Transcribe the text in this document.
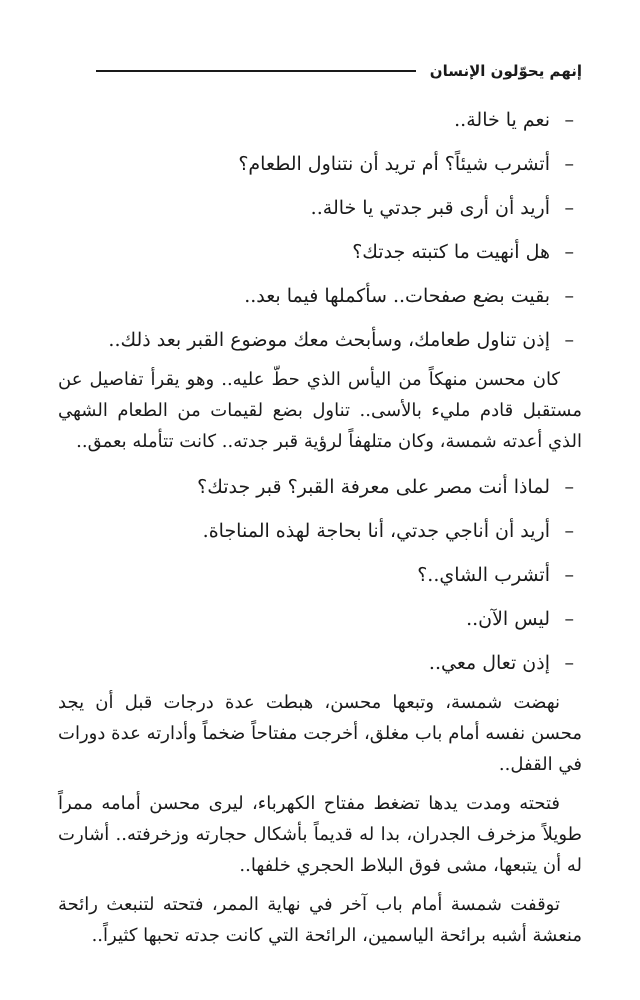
إنهم يحوّلون الإنسان
–
نعم يا خالة..
–
أتشرب شيئاً؟ أم تريد أن نتناول الطعام؟
–
أريد أن أرى قبر جدتي يا خالة..
–
هل أنهيت ما كتبته جدتك؟
–
بقيت بضع صفحات.. سأكملها فيما بعد..
–
إذن تناول طعامك، وسأبحث معك موضوع القبر بعد ذلك..

كان محسن منهكاً من اليأس الذي حطّ عليه.. وهو يقرأ تفاصيل عن مستقبل قادم مليء بالأسى.. تناول بضع لقيمات من الطعام الشهي الذي أعدته شمسة، وكان متلهفاً لرؤية قبر جدته.. كانت تتأمله بعمق..

–
لماذا أنت مصر على معرفة القبر؟ قبر جدتك؟
–
أريد أن أناجي جدتي، أنا بحاجة لهذه المناجاة.
–
أتشرب الشاي..؟
–
ليس الآن..
–
إذن تعال معي..

نهضت شمسة، وتبعها محسن، هبطت عدة درجات قبل أن يجد محسن نفسه أمام باب مغلق، أخرجت مفتاحاً ضخماً وأدارته عدة دورات في القفل..

فتحته ومدت يدها تضغط مفتاح الكهرباء، ليرى محسن أمامه ممراً طويلاً مزخرف الجدران، بدا له قديماً بأشكال حجارته وزخرفته.. أشارت له أن يتبعها، مشى فوق البلاط الحجري خلفها..

توقفت شمسة أمام باب آخر في نهاية الممر، فتحته لتنبعث رائحة منعشة أشبه برائحة الياسمين، الرائحة التي كانت جدته تحبها كثيراً..
